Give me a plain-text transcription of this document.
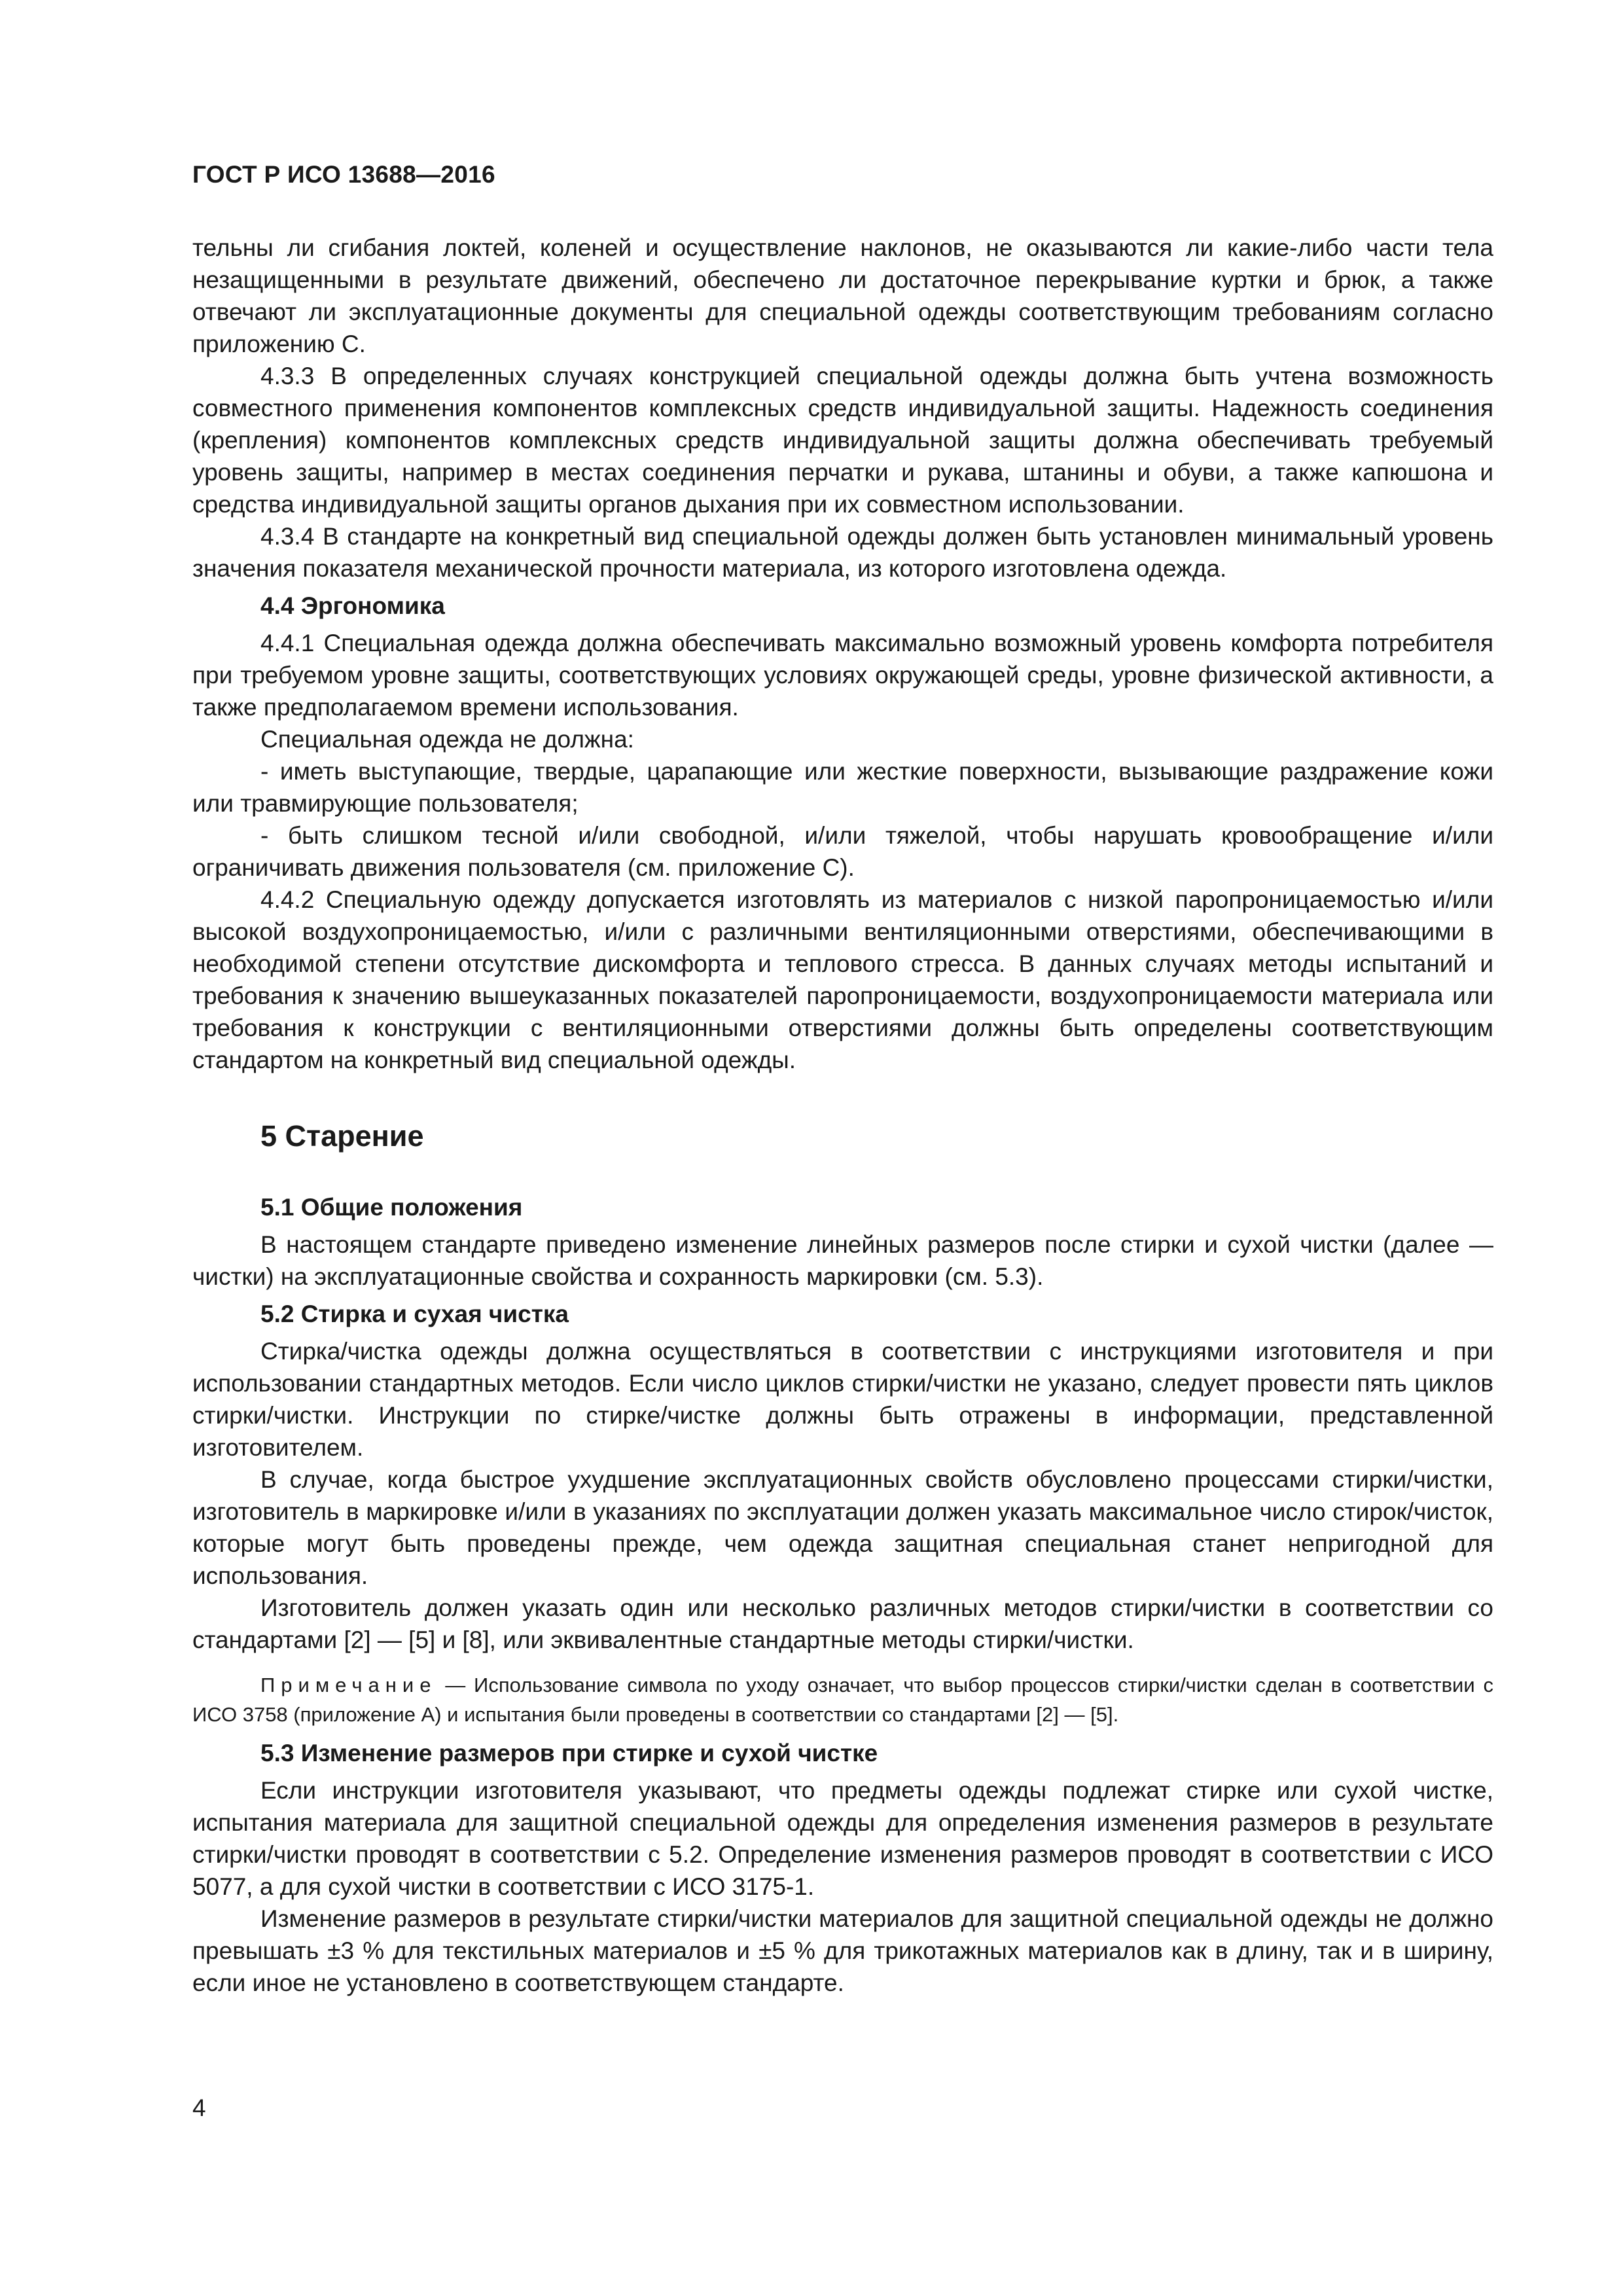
ГОСТ Р ИСО 13688—2016

тельны ли сгибания локтей, коленей и осуществление наклонов, не оказываются ли какие-либо части тела незащищенными в результате движений, обеспечено ли достаточное перекрывание куртки и брюк, а также отвечают ли эксплуатационные документы для специальной одежды соответствующим требованиям согласно приложению С.

4.3.3 В определенных случаях конструкцией специальной одежды должна быть учтена возможность совместного применения компонентов комплексных средств индивидуальной защиты. Надежность соединения (крепления) компонентов комплексных средств индивидуальной защиты должна обеспечивать требуемый уровень защиты, например в местах соединения перчатки и рукава, штанины и обуви, а также капюшона и средства индивидуальной защиты органов дыхания при их совместном использовании.

4.3.4 В стандарте на конкретный вид специальной одежды должен быть установлен минимальный уровень значения показателя механической прочности материала, из которого изготовлена одежда.

4.4 Эргономика

4.4.1 Специальная одежда должна обеспечивать максимально возможный уровень комфорта потребителя при требуемом уровне защиты, соответствующих условиях окружающей среды, уровне физической активности, а также предполагаемом времени использования.

Специальная одежда не должна:

- иметь выступающие, твердые, царапающие или жесткие поверхности, вызывающие раздражение кожи или травмирующие пользователя;

- быть слишком тесной и/или свободной, и/или тяжелой, чтобы нарушать кровообращение и/или ограничивать движения пользователя (см. приложение С).

4.4.2 Специальную одежду допускается изготовлять из материалов с низкой паропроницаемостью и/или высокой воздухопроницаемостью, и/или с различными вентиляционными отверстиями, обеспечивающими в необходимой степени отсутствие дискомфорта и теплового стресса. В данных случаях методы испытаний и требования к значению вышеуказанных показателей паропроницаемости, воздухопроницаемости материала или требования к конструкции с вентиляционными отверстиями должны быть определены соответствующим стандартом на конкретный вид специальной одежды.

5 Старение
5.1 Общие положения

В настоящем стандарте приведено изменение линейных размеров после стирки и сухой чистки (далее — чистки) на эксплуатационные свойства и сохранность маркировки (см. 5.3).

5.2 Стирка и сухая чистка

Стирка/чистка одежды должна осуществляться в соответствии с инструкциями изготовителя и при использовании стандартных методов. Если число циклов стирки/чистки не указано, следует провести пять циклов стирки/чистки. Инструкции по стирке/чистке должны быть отражены в информации, представленной изготовителем.

В случае, когда быстрое ухудшение эксплуатационных свойств обусловлено процессами стирки/чистки, изготовитель в маркировке и/или в указаниях по эксплуатации должен указать максимальное число стирок/чисток, которые могут быть проведены прежде, чем одежда защитная специальная станет непригодной для использования.

Изготовитель должен указать один или несколько различных методов стирки/чистки в соответствии со стандартами [2] — [5] и [8], или эквивалентные стандартные методы стирки/чистки.

Примечание — Использование символа по уходу означает, что выбор процессов стирки/чистки сделан в соответствии с ИСО 3758 (приложение А) и испытания были проведены в соответствии со стандартами [2] — [5].

5.3 Изменение размеров при стирке и сухой чистке

Если инструкции изготовителя указывают, что предметы одежды подлежат стирке или сухой чистке, испытания материала для защитной специальной одежды для определения изменения размеров в результате стирки/чистки проводят в соответствии с 5.2. Определение изменения размеров проводят в соответствии с ИСО 5077, а для сухой чистки в соответствии с ИСО 3175-1.

Изменение размеров в результате стирки/чистки материалов для защитной специальной одежды не должно превышать ±3 % для текстильных материалов и ±5 % для трикотажных материалов как в длину, так и в ширину, если иное не установлено в соответствующем стандарте.

4
